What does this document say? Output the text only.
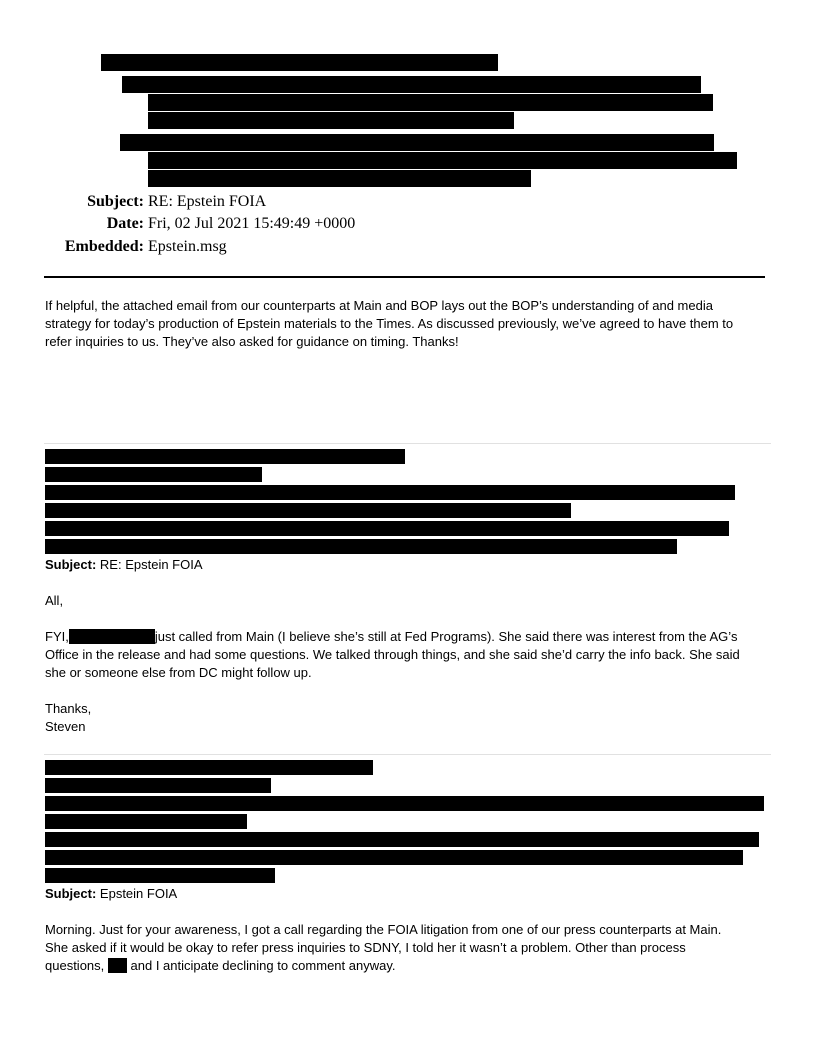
Subject: RE: Epstein FOIA
Date: Fri, 02 Jul 2021 15:49:49 +0000
Embedded: Epstein.msg
If helpful, the attached email from our counterparts at Main and BOP lays out the BOP’s understanding of and media
strategy for today’s production of Epstein materials to the Times. As discussed previously, we’ve agreed to have them to
refer inquiries to us. They’ve also asked for guidance on timing. Thanks!
Subject: RE: Epstein FOIA
All,
FYI,	just called from Main (I believe she’s still at Fed Programs). She said there was interest from the AG’s
Office in the release and had some questions. We talked through things, and she said she’d carry the info back. She said
she or someone else from DC might follow up.
Thanks,
Steven
Subject: Epstein FOIA
Morning. Just for your awareness, I got a call regarding the FOIA litigation from one of our press counterparts at Main.
She asked if it would be okay to refer press inquiries to SDNY, I told her it wasn’t a problem. Other than process
questions, and I anticipate declining to comment anyway.
